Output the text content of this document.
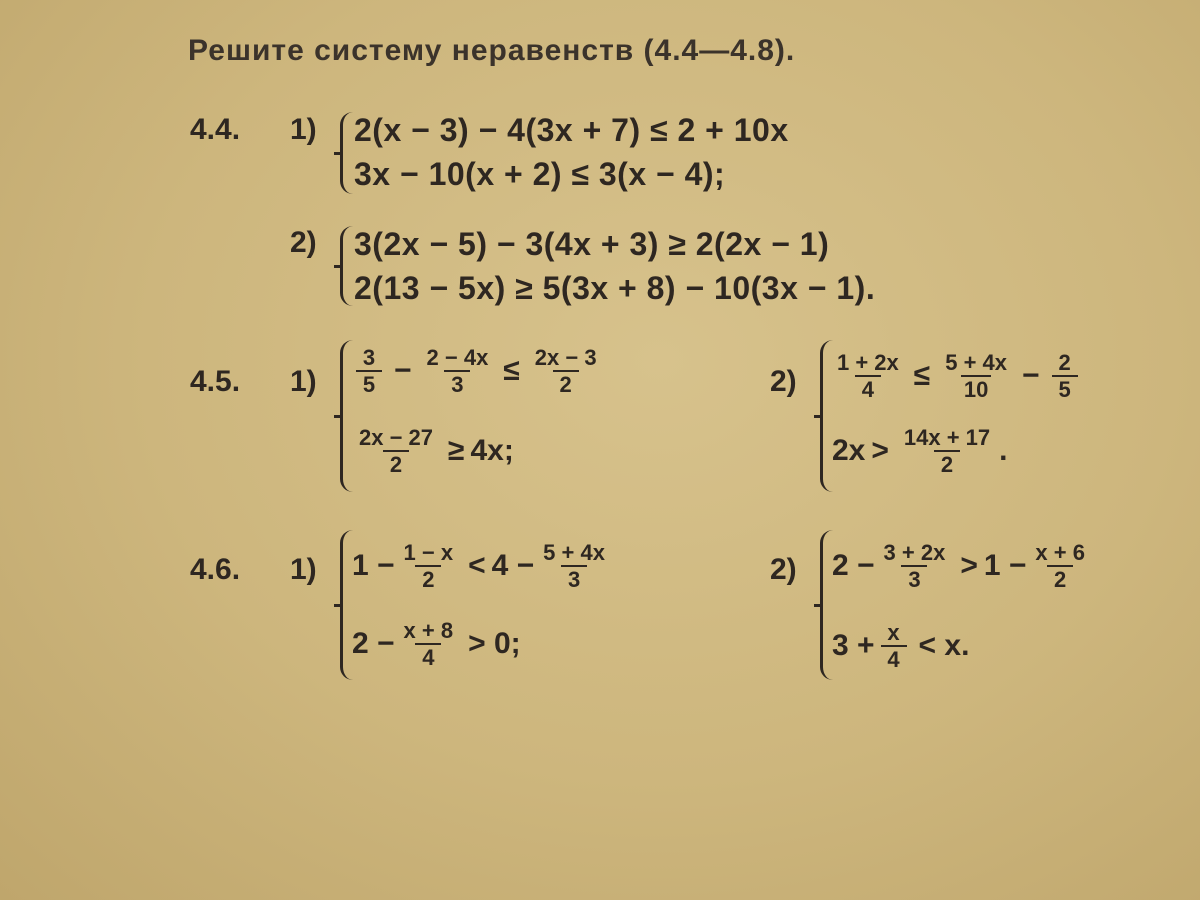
Решите систему неравенств (4.4—4.8).
4.4. 1) 2(x − 3) − 4(3x + 7) ≤ 2 + 10x
3x − 10(x + 2) ≤ 3(x − 4);
2) 3(2x − 5) − 3(4x + 3) ≥ 2(2x − 1)
2(13 − 5x) ≥ 5(3x + 8) − 10(3x − 1).
4.5. $1) \frac{3}{5} - \frac{2 - 4x}{3} \le \frac{2x - 3}{2}$
$\frac{2x - 27}{2} \ge 4x$;
$2) \frac{1 + 2x}{4} \le \frac{5 + 4x}{10} - \frac{2}{5}$
$2x > \frac{14x + 17}{2}$ .
4.6. 1) $1 - \frac{1 - x}{2} < 4 - \frac{5 + 4x}{3}$
$2 - \frac{x + 8}{4} > 0$;
2) $2 - \frac{3 + 2x}{3} > 1 - \frac{x + 6}{2}$
$3 + \frac{x}{4} < x$.
